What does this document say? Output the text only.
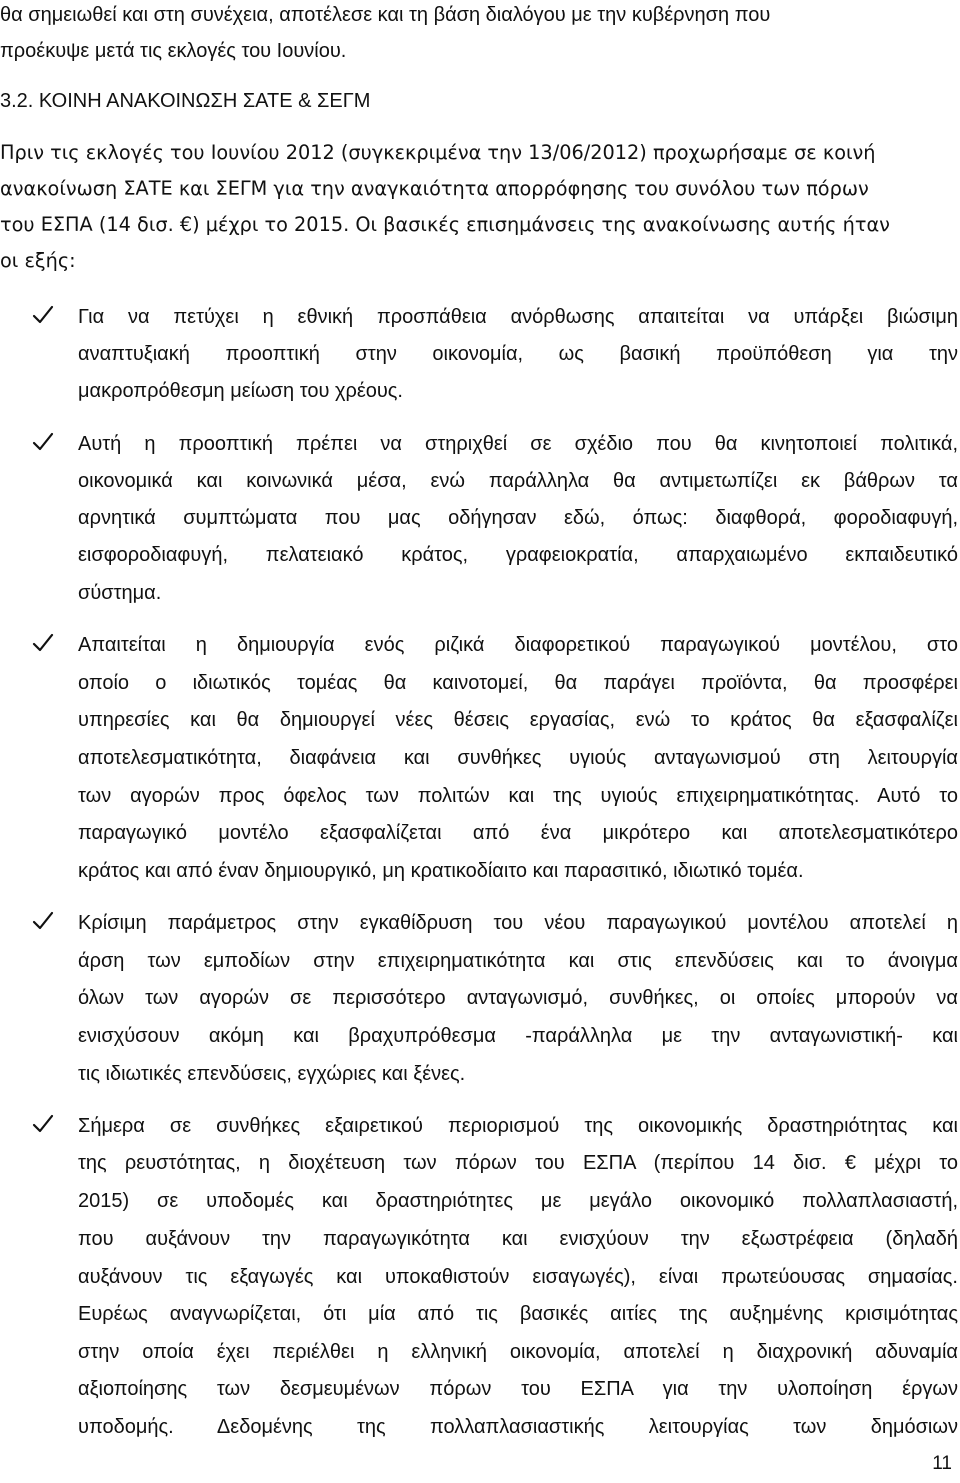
θα σημειωθεί και στη συνέχεια, αποτέλεσε και τη βάση διαλόγου με την κυβέρνηση που
προέκυψε μετά τις εκλογές του Ιουνίου.
3.2. ΚΟΙΝΗ ΑΝΑΚΟΙΝΩΣΗ ΣΑΤΕ & ΣΕΓΜ
Πριν τις εκλογές του Ιουνίου 2012 (συγκεκριμένα την 13/06/2012) προχωρήσαμε σε κοινή
ανακοίνωση ΣΑΤΕ και ΣΕΓΜ για την αναγκαιότητα απορρόφησης του συνόλου των πόρων
του ΕΣΠΑ (14 δισ. €) μέχρι το 2015. Οι βασικές επισημάνσεις της ανακοίνωσης αυτής ήταν
οι εξής:
Για να πετύχει η εθνική προσπάθεια ανόρθωσης απαιτείται να υπάρξει βιώσιμη
αναπτυξιακή προοπτική στην οικονομία, ως βασική προϋπόθεση για την
μακροπρόθεσμη μείωση του χρέους.
Αυτή η προοπτική πρέπει να στηριχθεί σε σχέδιο που θα κινητοποιεί πολιτικά,
οικονομικά και κοινωνικά μέσα, ενώ παράλληλα θα αντιμετωπίζει εκ βάθρων τα
αρνητικά συμπτώματα που μας οδήγησαν εδώ, όπως: διαφθορά, φοροδιαφυγή,
εισφοροδιαφυγή, πελατειακό κράτος, γραφειοκρατία, απαρχαιωμένο εκπαιδευτικό
σύστημα.
Απαιτείται η δημιουργία ενός ριζικά διαφορετικού παραγωγικού μοντέλου, στο
οποίο ο ιδιωτικός τομέας θα καινοτομεί, θα παράγει προϊόντα, θα προσφέρει
υπηρεσίες και θα δημιουργεί νέες θέσεις εργασίας, ενώ το κράτος θα εξασφαλίζει
αποτελεσματικότητα, διαφάνεια και συνθήκες υγιούς ανταγωνισμού στη λειτουργία
των αγορών προς όφελος των πολιτών και της υγιούς επιχειρηματικότητας. Αυτό το
παραγωγικό μοντέλο εξασφαλίζεται από ένα μικρότερο και αποτελεσματικότερο
κράτος και από έναν δημιουργικό, μη κρατικοδίαιτο και παρασιτικό, ιδιωτικό τομέα.
Κρίσιμη παράμετρος στην εγκαθίδρυση του νέου παραγωγικού μοντέλου αποτελεί η
άρση των εμποδίων στην επιχειρηματικότητα και στις επενδύσεις και το άνοιγμα
όλων των αγορών σε περισσότερο ανταγωνισμό, συνθήκες, οι οποίες μπορούν να
ενισχύσουν ακόμη και βραχυπρόθεσμα -παράλληλα με την ανταγωνιστική- και
τις ιδιωτικές επενδύσεις, εγχώριες και ξένες.
Σήμερα σε συνθήκες εξαιρετικού περιορισμού της οικονομικής δραστηριότητας και
της ρευστότητας, η διοχέτευση των πόρων του ΕΣΠΑ (περίπου 14 δισ. € μέχρι το
2015) σε υποδομές και δραστηριότητες με μεγάλο οικονομικό πολλαπλασιαστή,
που αυξάνουν την παραγωγικότητα και ενισχύουν την εξωστρέφεια (δηλαδή
αυξάνουν τις εξαγωγές και υποκαθιστούν εισαγωγές), είναι πρωτεύουσας σημασίας.
Ευρέως αναγνωρίζεται, ότι μία από τις βασικές αιτίες της αυξημένης κρισιμότητας
στην οποία έχει περιέλθει η ελληνική οικονομία, αποτελεί η διαχρονική αδυναμία
αξιοποίησης των δεσμευμένων πόρων του ΕΣΠΑ για την υλοποίηση έργων
υποδομής. Δεδομένης της πολλαπλασιαστικής λειτουργίας των δημόσιων
11
